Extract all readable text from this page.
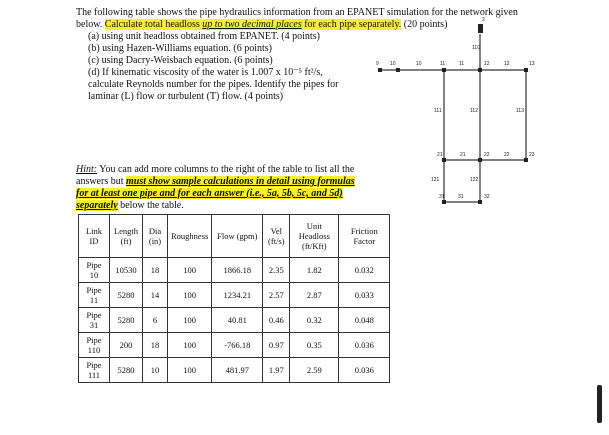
The following table shows the pipe hydraulics information from an EPANET simulation for the network given below. Calculate total headloss up to two decimal places for each pipe separately. (20 points)
(a) using unit headloss obtained from EPANET. (4 points)
(b) using Hazen-Williams equation. (6 points)
(c) using Dacry-Weisbach equation. (6 points)
(d) If kinematic viscosity of the water is 1.007 x 10⁻⁵ ft²/s, calculate Reynolds number for the pipes. Identify the pipes for laminar (L) flow or turbulent (T) flow. (4 points)
Hint: You can add more columns to the right of the table to list all the answers but must show sample calculations in detail using formulas for at least one pipe and for each answer (i.e., 5a, 5b, 5c, and 5d) separately below the table.
2
9	10	11	12	13
10	11	12
110
111	112	113
21	21	22	22	23
121	122
31	31	32
Link ID	Length (ft)	Dia (in)	Roughness	Flow (gpm)	Vel (ft/s)	Unit Headloss (ft/Kft)	Friction Factor
Pipe 10	10530	18	100	1866.18	2.35	1.82	0.032
Pipe 11	5280	14	100	1234.21	2.57	2.87	0.033
Pipe 31	5280	6	100	40.81	0.46	0.32	0.048
Pipe 110	200	18	100	-766.18	0.97	0.35	0.036
Pipe 111	5280	10	100	481.97	1.97	2.59	0.036
